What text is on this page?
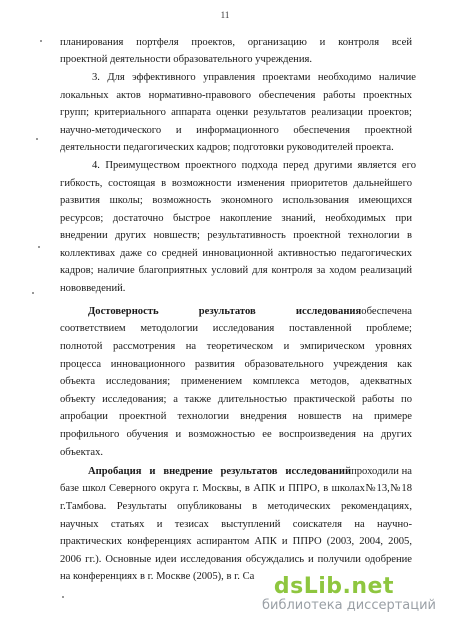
11
планирования портфеля проектов, организацию и контроля всей
проектной деятельности образовательного учреждения.
3. Для эффективного управления проектами необходимо наличие
локальных актов нормативно-правового обеспечения работы проектных
групп; критериального аппарата оценки результатов реализации проектов;
научно-методического и информационного обеспечения проектной
деятельности педагогических кадров; подготовки руководителей проекта.
4. Преимуществом проектного подхода перед другими является его
гибкость, состоящая в возможности изменения приоритетов дальнейшего
развития школы; возможность экономного использования имеющихся
ресурсов; достаточно быстрое накопление знаний, необходимых при
внедрении других новшеств; результативность проектной технологии в
коллективах даже со средней инновационной активностью педагогических
кадров; наличие благоприятных условий для контроля за ходом реализаций
нововведений.
Достоверность результатов исследования обеспечена
соответствием методологии исследования поставленной проблеме;
полнотой рассмотрения на теоретическом и эмпирическом уровнях
процесса инновационного развития образовательного учреждения как
объекта исследования; применением комплекса методов, адекватных
объекту исследования; а также длительностью практической работы по
апробации проектной технологии внедрения новшеств на примере
профильного обучения и возможностью ее воспроизведения на других
объектах.
Апробация и внедрение результатов исследований проходили на
базе школ Северного округа г. Москвы, в АПК и ППРО, в школах№13,№18
г.Тамбова. Результаты опубликованы в методических рекомендациях,
научных статьях и тезисах выступлений соискателя на научно-
практических конференциях аспирантом АПК и ППРО (2003, 2004, 2005,
2006 гг.). Основные идеи исследования обсуждались и получили одобрение
на конференциях в г. Москве (2005), в г. Са dsLib.net
библиотека диссертаций
